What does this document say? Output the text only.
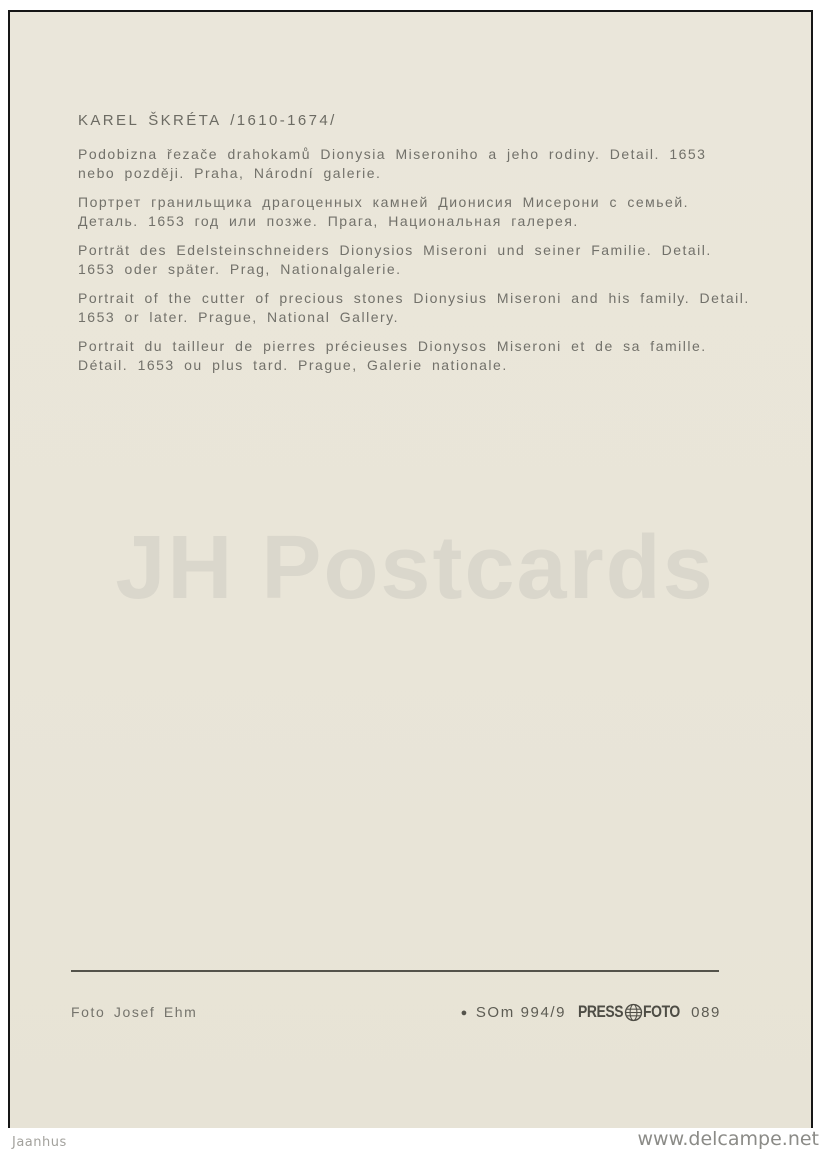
JH Postcards

KAREL ŠKRÉTA /1610-1674/

Podobizna řezače drahokamů Dionysia Miseroniho a jeho rodiny. Detail. 1653 nebo později. Praha, Národní galerie.

Портрет гранильщика драгоценных камней Дионисия Мисерони с семьей. Деталь. 1653 год или позже. Прага, Национальная галерея.

Porträt des Edelsteinschneiders Dionysios Miseroni und seiner Familie. Detail. 1653 oder später. Prag, Nationalgalerie.

Portrait of the cutter of precious stones Dionysius Miseroni and his family. Detail. 1653 or later. Prague, National Gallery.

Portrait du tailleur de pierres précieuses Dionysos Miseroni et de sa famille. Détail. 1653 ou plus tard. Prague, Galerie nationale.

Foto Josef Ehm	● SOm 994/9 PRESS FOTO 089
Jaanhus	www.delcampe.net
